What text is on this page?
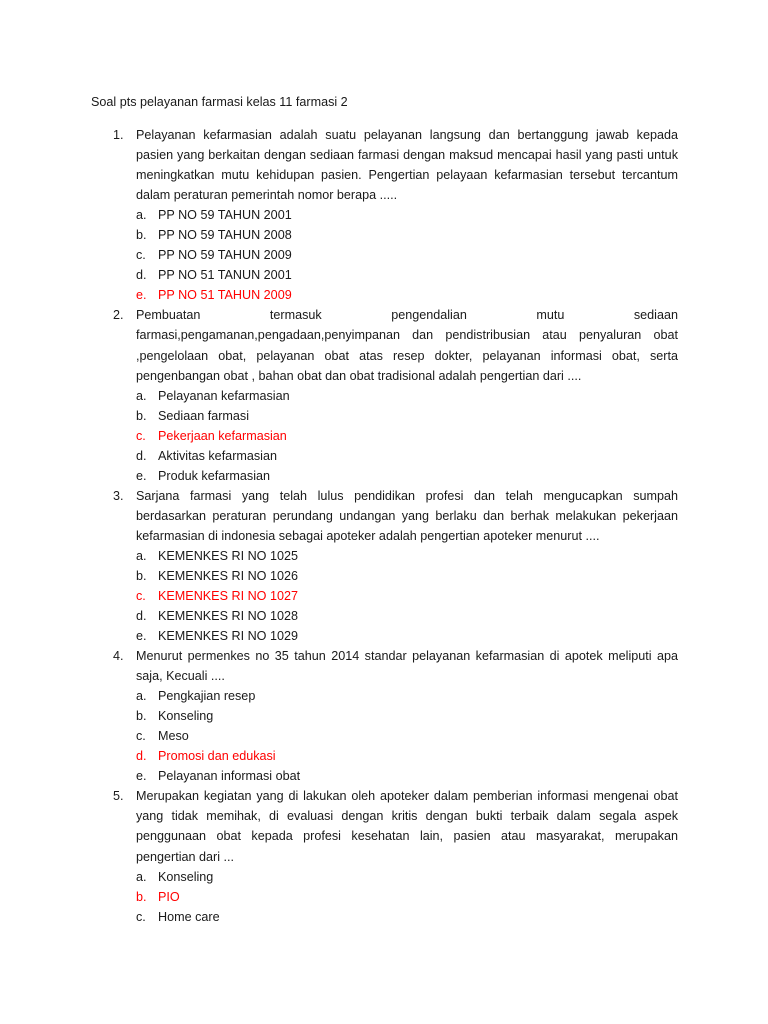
Soal pts pelayanan farmasi kelas 11 farmasi 2
1. Pelayanan kefarmasian adalah suatu pelayanan langsung dan bertanggung jawab kepada pasien yang berkaitan dengan sediaan farmasi dengan maksud mencapai hasil yang pasti untuk meningkatkan mutu kehidupan pasien. Pengertian pelayaan kefarmasian tersebut tercantum dalam peraturan pemerintah nomor berapa .....

a. PP NO 59 TAHUN 2001
b. PP NO 59 TAHUN 2008
c. PP NO 59 TAHUN 2009
d. PP NO 51 TANUN 2001
e. PP NO 51 TAHUN 2009
2. Pembuatan termasuk pengendalian mutu sediaan farmasi,pengamanan,pengadaan,penyimpanan dan pendistribusian atau penyaluran obat ,pengelolaan obat, pelayanan obat atas resep dokter, pelayanan informasi obat, serta pengenbangan obat , bahan obat dan obat tradisional adalah pengertian dari ....

a. Pelayanan kefarmasian
b. Sediaan farmasi
c. Pekerjaan kefarmasian
d. Aktivitas kefarmasian
e. Produk kefarmasian
3. Sarjana farmasi yang telah lulus pendidikan profesi dan telah mengucapkan sumpah berdasarkan peraturan perundang undangan yang berlaku dan berhak melakukan pekerjaan kefarmasian di indonesia sebagai apoteker adalah pengertian apoteker menurut ....

a. KEMENKES RI NO 1025
b. KEMENKES RI NO 1026
c. KEMENKES RI NO 1027
d. KEMENKES RI NO 1028
e. KEMENKES RI NO 1029
4. Menurut permenkes no 35 tahun 2014 standar pelayanan kefarmasian di apotek meliputi apa saja, Kecuali ....

a. Pengkajian resep
b. Konseling
c. Meso
d. Promosi dan edukasi
e. Pelayanan informasi obat
5. Merupakan kegiatan yang di lakukan oleh apoteker dalam pemberian informasi mengenai obat yang tidak memihak, di evaluasi dengan kritis dengan bukti terbaik dalam segala aspek penggunaan obat kepada profesi kesehatan lain, pasien atau masyarakat, merupakan pengertian dari ...

a. Konseling
b. PIO
c. Home care
